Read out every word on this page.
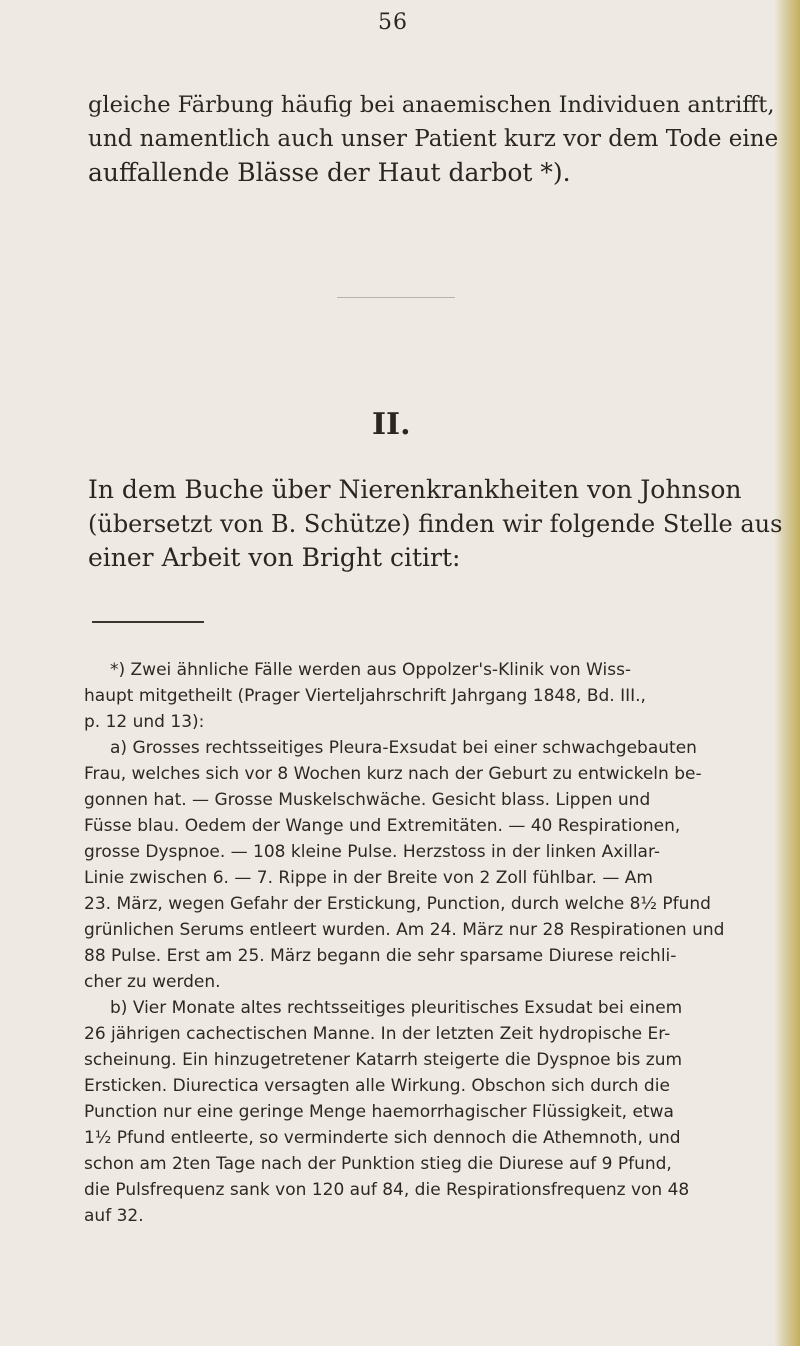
56
gleiche Färbung häufig bei anaemischen Individuen antrifft,
und namentlich auch unser Patient kurz vor dem Tode eine
auffallende Blässe der Haut darbot *).
II.
In dem Buche über Nierenkrankheiten von Johnson
(übersetzt von B. Schütze) finden wir folgende Stelle aus
einer Arbeit von Bright citirt:
*) Zwei ähnliche Fälle werden aus Oppolzer's-Klinik von Wiss-
haupt mitgetheilt (Prager Vierteljahrschrift Jahrgang 1848, Bd. III.,
p. 12 und 13):
a) Grosses rechtsseitiges Pleura-Exsudat bei einer schwachgebauten
Frau, welches sich vor 8 Wochen kurz nach der Geburt zu entwickeln be-
gonnen hat. — Grosse Muskelschwäche. Gesicht blass. Lippen und
Füsse blau. Oedem der Wange und Extremitäten. — 40 Respirationen,
grosse Dyspnoe. — 108 kleine Pulse. Herzstoss in der linken Axillar-
Linie zwischen 6. — 7. Rippe in der Breite von 2 Zoll fühlbar. — Am
23. März, wegen Gefahr der Erstickung, Punction, durch welche 8½ Pfund
grünlichen Serums entleert wurden. Am 24. März nur 28 Respirationen und
88 Pulse. Erst am 25. März begann die sehr sparsame Diurese reichli-
cher zu werden.
b) Vier Monate altes rechtsseitiges pleuritisches Exsudat bei einem
26 jährigen cachectischen Manne. In der letzten Zeit hydropische Er-
scheinung. Ein hinzugetretener Katarrh steigerte die Dyspnoe bis zum
Ersticken. Diurectica versagten alle Wirkung. Obschon sich durch die
Punction nur eine geringe Menge haemorrhagischer Flüssigkeit, etwa
1½ Pfund entleerte, so verminderte sich dennoch die Athemnoth, und
schon am 2ten Tage nach der Punktion stieg die Diurese auf 9 Pfund,
die Pulsfrequenz sank von 120 auf 84, die Respirationsfrequenz von 48
auf 32.
